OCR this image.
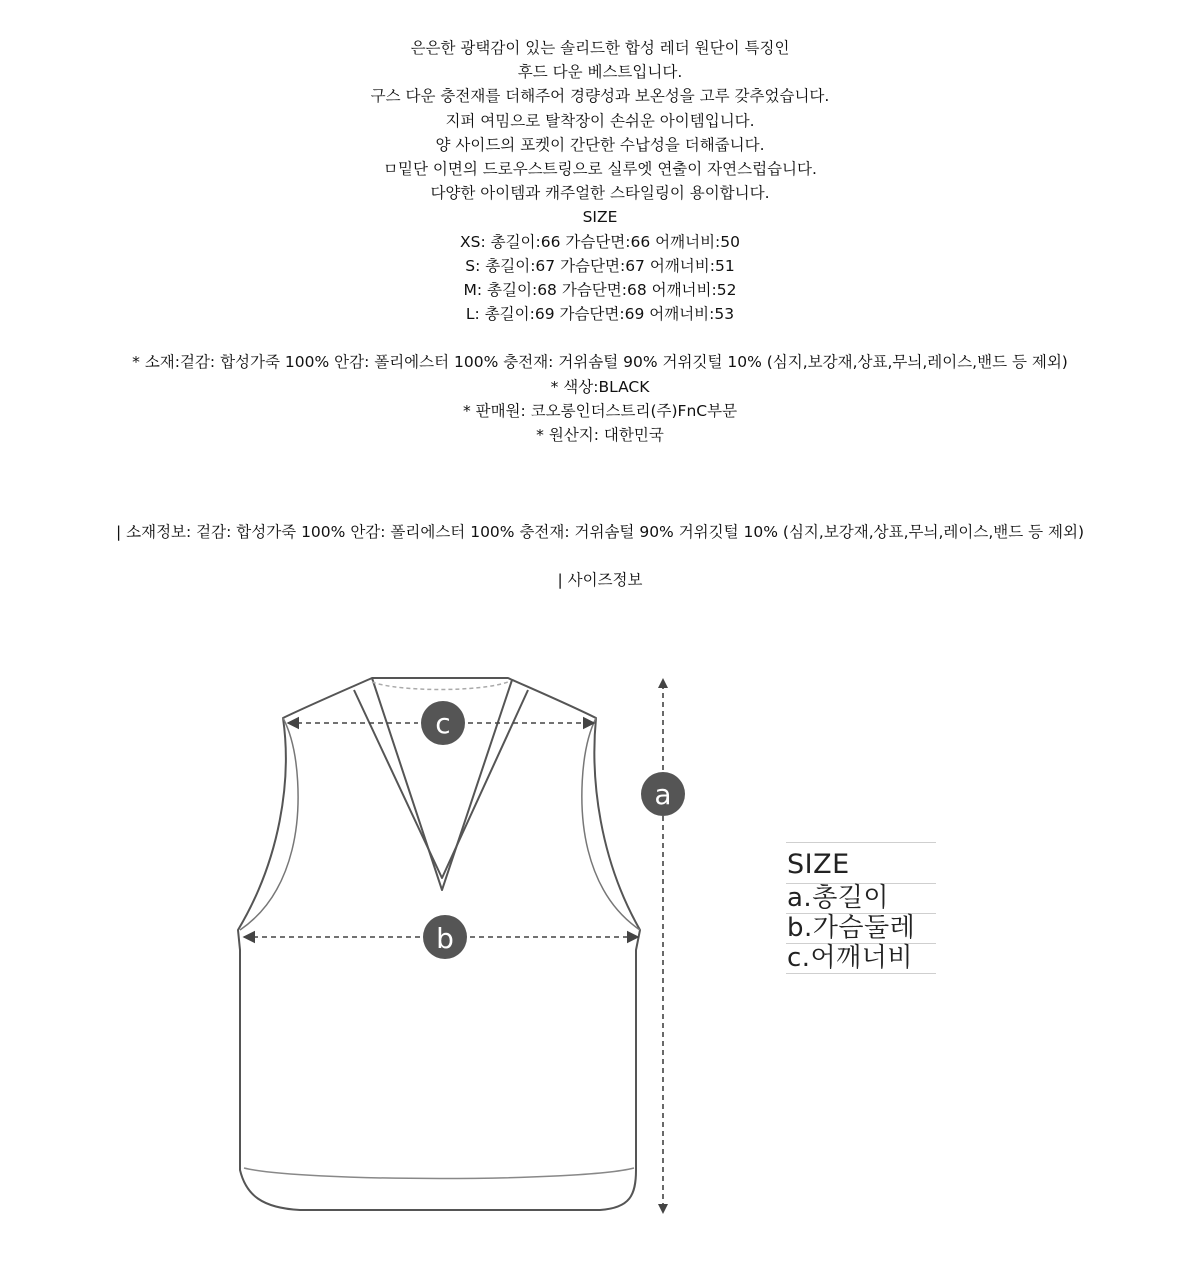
은은한 광택감이 있는 솔리드한 합성 레더 원단이 특징인

후드 다운 베스트입니다.

구스 다운 충전재를 더해주어 경량성과 보온성을 고루 갖추었습니다.

지퍼 여밈으로 탈착장이 손쉬운 아이템입니다.

양 사이드의 포켓이 간단한 수납성을 더해줍니다.

ㅁ밑단 이면의 드로우스트링으로 실루엣 연출이 자연스럽습니다.

다양한 아이템과 캐주얼한 스타일링이 용이합니다.

SIZE

XS: 총길이:66 가슴단면:66 어깨너비:50

S: 총길이:67 가슴단면:67 어깨너비:51

M: 총길이:68 가슴단면:68 어깨너비:52

L: 총길이:69 가슴단면:69 어깨너비:53

* 소재:겉감: 합성가죽 100% 안감: 폴리에스터 100% 충전재: 거위솜털 90% 거위깃털 10% (심지,보강재,상표,무늬,레이스,밴드 등 제외)

* 색상:BLACK

* 판매원: 코오롱인더스트리(주)FnC부문

* 원산지: 대한민국

| 소재정보: 겉감: 합성가죽 100% 안감: 폴리에스터 100% 충전재: 거위솜털 90% 거위깃털 10% (심지,보강재,상표,무늬,레이스,밴드 등 제외)
| 사이즈정보
c
b
a
SIZE
a.총길이
b.가슴둘레
c.어깨너비
